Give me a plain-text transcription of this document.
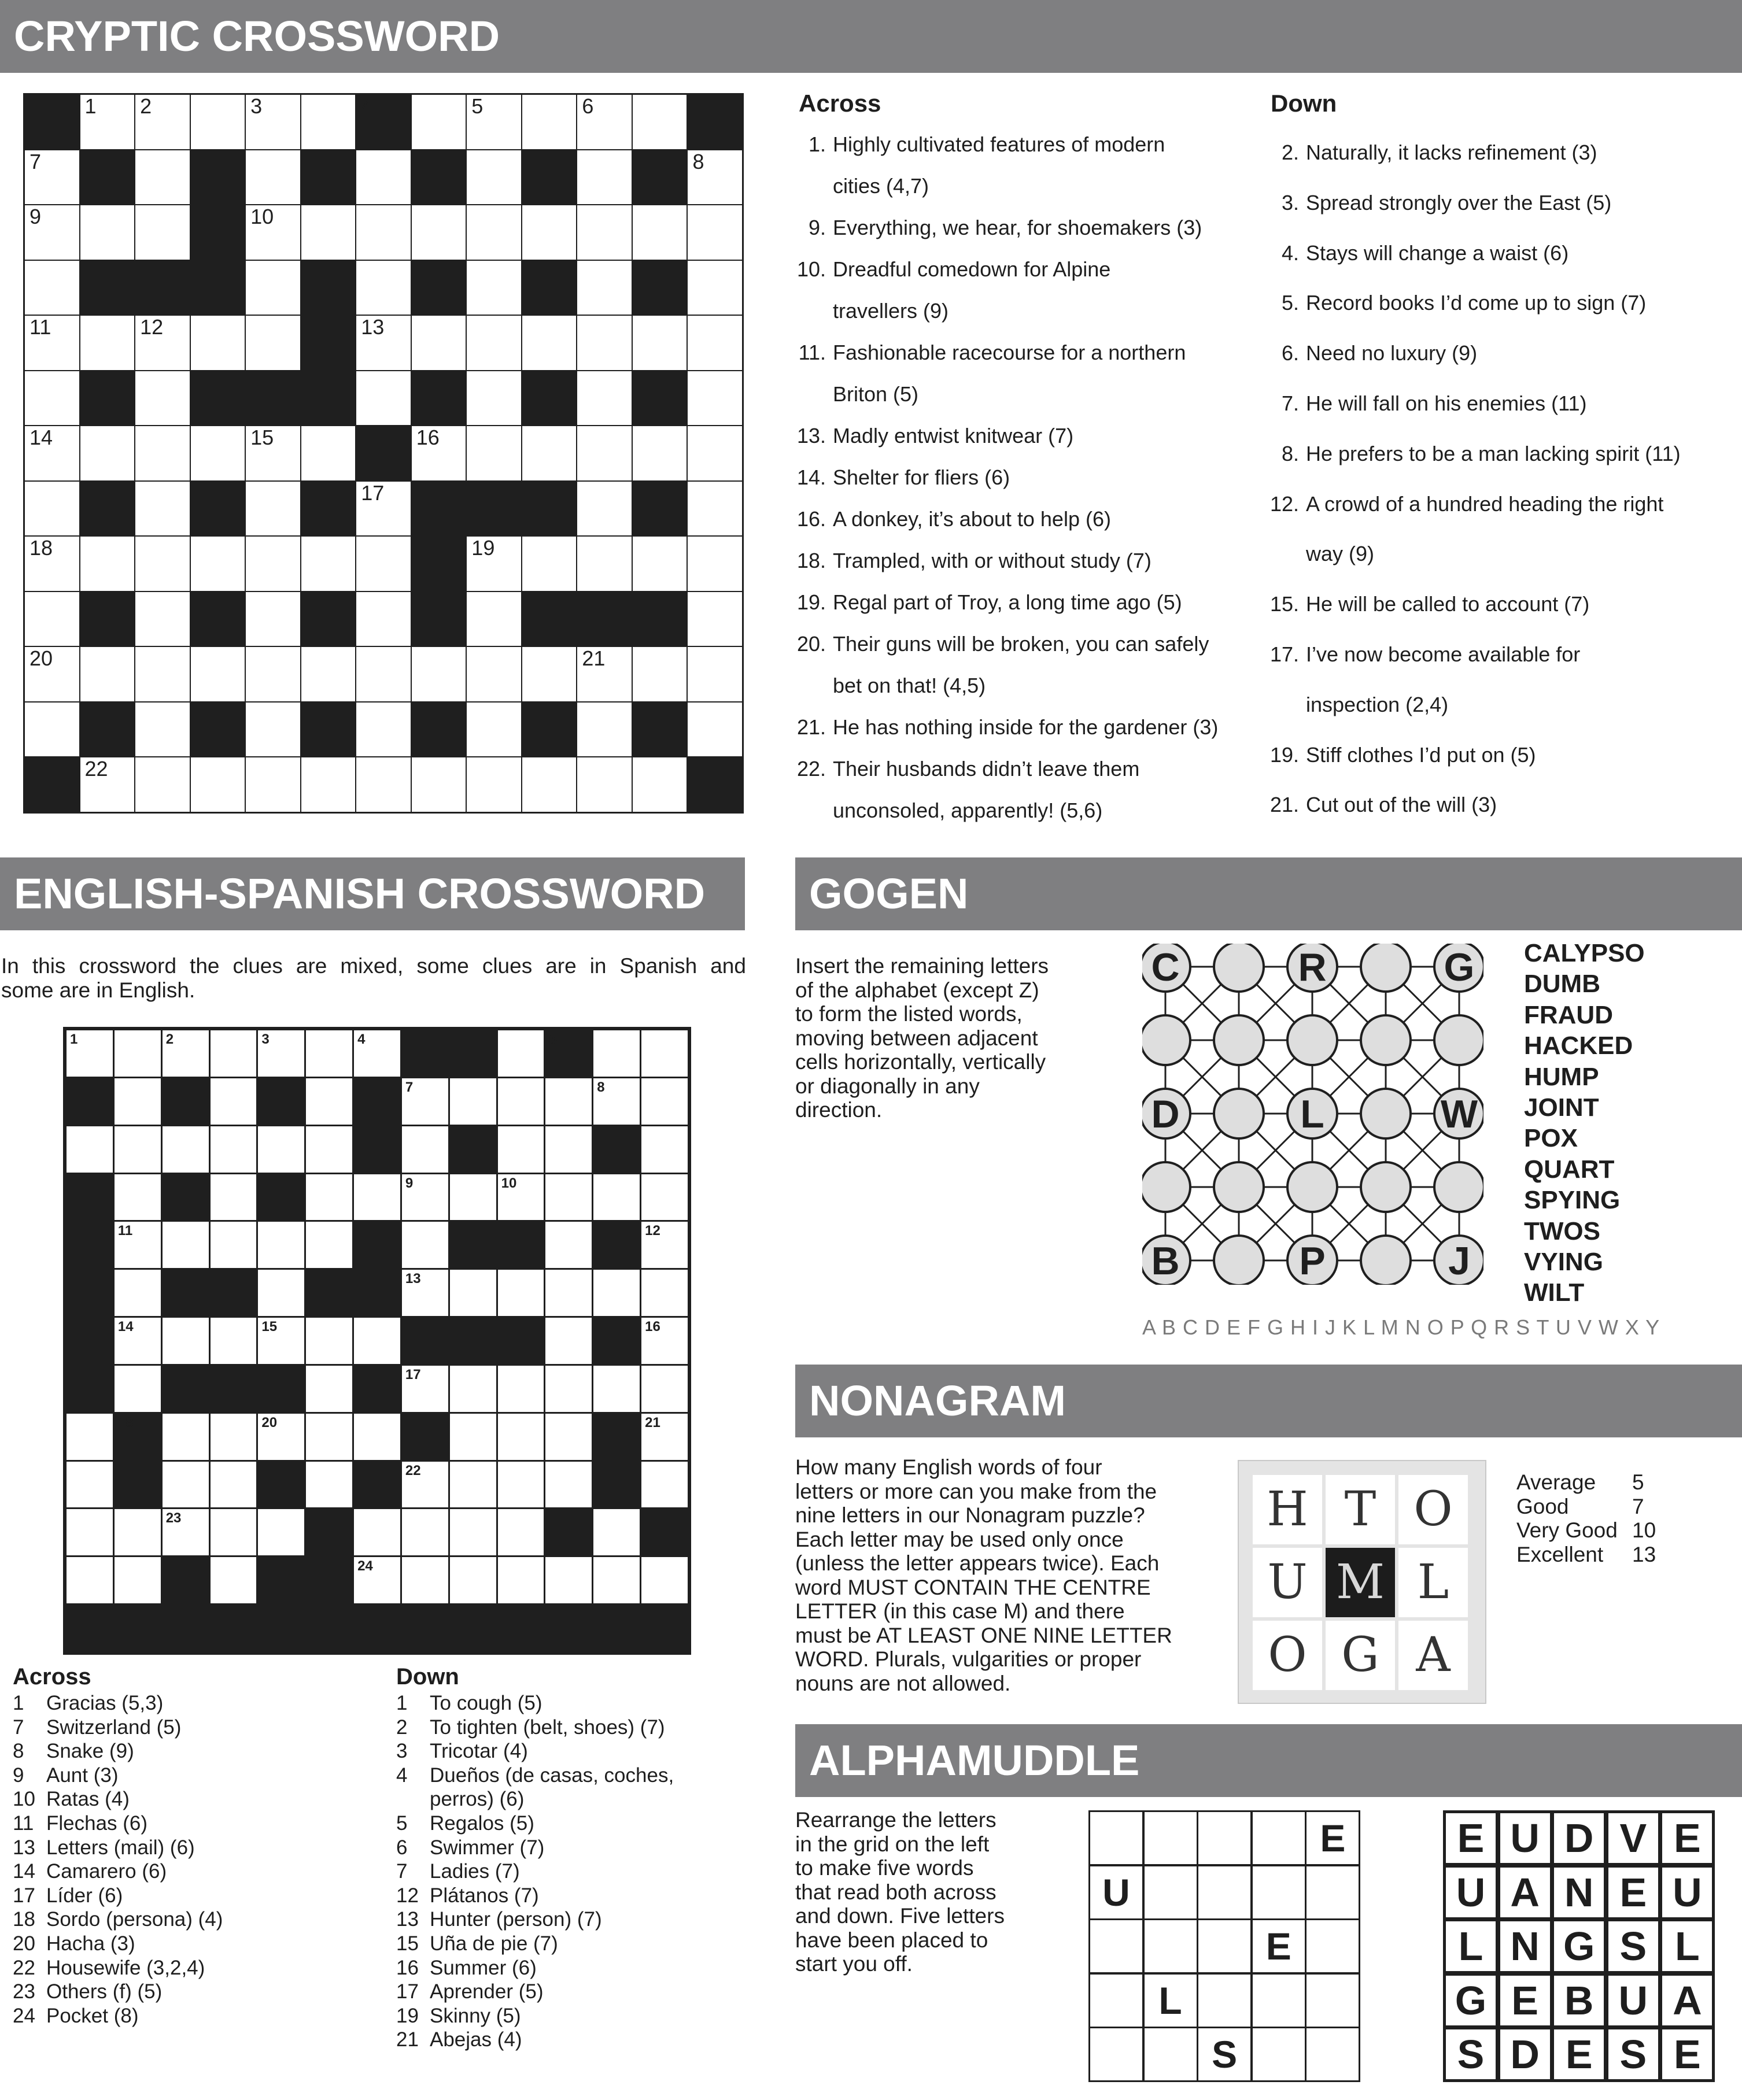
CRYPTIC CROSSWORD
1 2	3	4	5	6
7	8
9	10
11	12	13
14	15	16
17
18	19
20	21
22
Across	Down
1. Highly cultivated features of modern
cities (4,7)
9. Everything, we hear, for shoemakers (3)
10. Dreadful comedown for Alpine
travellers (9)
11. Fashionable racecourse for a northern
Briton (5)
13. Madly entwist knitwear (7)
14. Shelter for fliers (6)
16. A donkey, it’s about to help (6)
18. Trampled, with or without study (7)
19. Regal part of Troy, a long time ago (5)
20. Their guns will be broken, you can safely
bet on that! (4,5)
21. He has nothing inside for the gardener (3)
22. Their husbands didn’t leave them
unconsoled, apparently! (5,6)
2. Naturally, it lacks refinement (3)
3. Spread strongly over the East (5)
4. Stays will change a waist (6)
5. Record books I’d come up to sign (7)
6. Need no luxury (9)
7. He will fall on his enemies (11)
8. He prefers to be a man lacking spirit (11)
12. A crowd of a hundred heading the right
way (9)
15. He will be called to account (7)
17. I’ve now become available for
inspection (2,4)
19. Stiff clothes I’d put on (5)
21. Cut out of the will (3)
ENGLISH-SPANISH CROSSWORD
In this crossword the clues are mixed, some clues are in Spanish and
some are in English.
1	2	3	4	5
7	8
9	10
11	12
13
14	15	16
17
18	20	21
22
23
24
Across	Down
1 Gracias (5,3)
7 Switzerland (5)
8 Snake (9)
9 Aunt (3)
10 Ratas (4)
11 Flechas (6)
13 Letters (mail) (6)
14 Camarero (6)
17 Líder (6)
18 Sordo (persona) (4)
20 Hacha (3)
22 Housewife (3,2,4)
23 Others (f) (5)
24 Pocket (8)
1 To cough (5)
2 To tighten (belt, shoes) (7)
3 Tricotar (4)
4 Dueños (de casas, coches,
perros) (6)
5 Regalos (5)
6 Swimmer (7)
7 Ladies (7)
12 Plátanos (7)
13 Hunter (person) (7)
15 Uña de pie (7)
16 Summer (6)
17 Aprender (5)
19 Skinny (5)
21 Abejas (4)
GOGEN
Insert the remaining letters
of the alphabet (except Z)
to form the listed words,
moving between adjacent
cells horizontally, vertically
or diagonally in any
direction.
C	R	G
D	L	W
B	P	J
CALYPSO
DUMB
FRAUD
HACKED
HUMP
JOINT
POX
QUART
SPYING
TWOS
VYING
WILT
A B C D E F G H I J K L M N O P Q R S T U V W X Y
NONAGRAM
How many English words of four
letters or more can you make from the
nine letters in our Nonagram puzzle?
Each letter may be used only once
(unless the letter appears twice). Each
word MUST CONTAIN THE CENTRE
LETTER (in this case M) and there
must be AT LEAST ONE NINE LETTER
WORD. Plurals, vulgarities or proper
nouns are not allowed.
H T O
U M L
O G A
Average 5
Good	7
Very Good 10
Excellent 13
ALPHAMUDDLE
Rearrange the letters
in the grid on the left
to make five words
that read both across
and down. Five letters
have been placed to
start you off.
E
U
E
L
S
E U D V E
U A N E U
L N G S L
G E B U A
S D E S E
